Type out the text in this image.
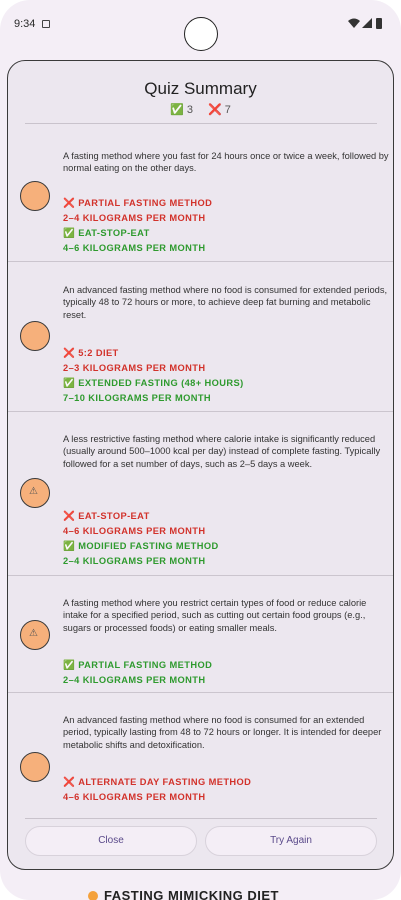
9:34
FASTING MIMICKING DIET
Quiz Summary
✅ 3 ❌ 7
A fasting method where you fast for 24 hours once or twice a week, followed by normal eating on the other days.
❌ PARTIAL FASTING METHOD
2–4 KILOGRAMS PER MONTH
✅ EAT-STOP-EAT
4–6 KILOGRAMS PER MONTH
An advanced fasting method where no food is consumed for extended periods, typically 48 to 72 hours or more, to achieve deep fat burning and metabolic reset.
❌ 5:2 DIET
2–3 KILOGRAMS PER MONTH
✅ EXTENDED FASTING (48+ HOURS)
7–10 KILOGRAMS PER MONTH
⚠
A less restrictive fasting method where calorie intake is significantly reduced (usually around 500–1000 kcal per day) instead of complete fasting. Typically followed for a set number of days, such as 2–5 days a week.
❌ EAT-STOP-EAT
4–6 KILOGRAMS PER MONTH
✅ MODIFIED FASTING METHOD
2–4 KILOGRAMS PER MONTH
⚠
A fasting method where you restrict certain types of food or reduce calorie intake for a specified period, such as cutting out certain food groups (e.g., sugars or processed foods) or eating smaller meals.
✅ PARTIAL FASTING METHOD
2–4 KILOGRAMS PER MONTH
An advanced fasting method where no food is consumed for an extended period, typically lasting from 48 to 72 hours or longer. It is intended for deeper metabolic shifts and detoxification.
❌ ALTERNATE DAY FASTING METHOD
4–6 KILOGRAMS PER MONTH
Close	Try Again
